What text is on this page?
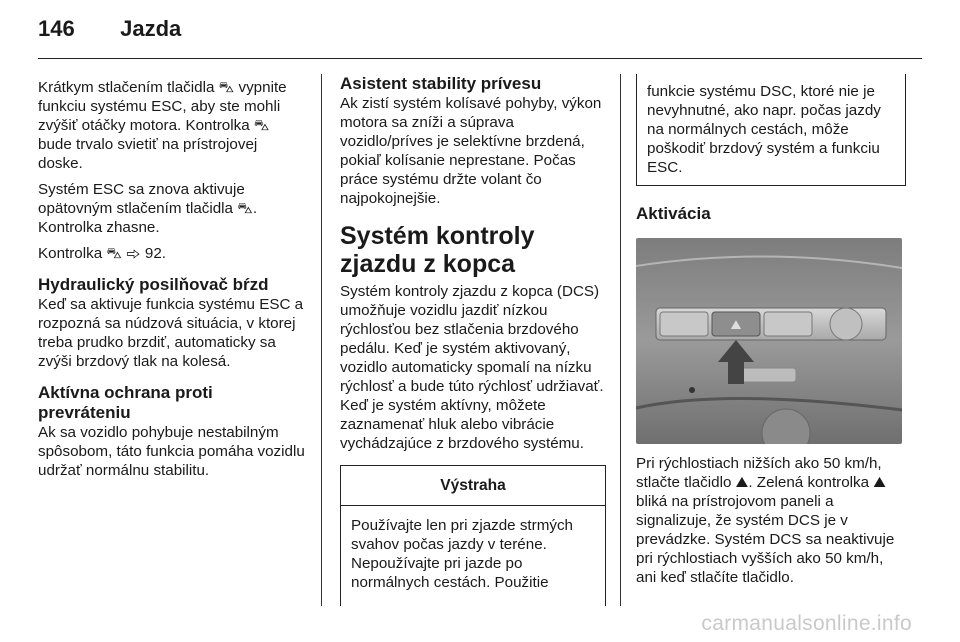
146 Jazda

Krátkym stlačením tlačidla ⛍ vypnite funkciu systému ESC, aby ste mohli zvýšiť otáčky motora. Kontrolka ⛍ bude trvalo svietiť na prístrojovej doske.

Systém ESC sa znova aktivuje opätovným stlačením tlačidla ⛍. Kontrolka zhasne.

Kontrolka ⛍ ⇨ 92.

Hydraulický posilňovač bŕzd

Keď sa aktivuje funkcia systému ESC a rozpozná sa núdzová situácia, v ktorej treba prudko brzdiť, automaticky sa zvýši brzdový tlak na kolesá.

Aktívna ochrana proti prevráteniu

Ak sa vozidlo pohybuje nestabilným spôsobom, táto funkcia pomáha vozidlu udržať normálnu stabilitu.

Asistent stability prívesu

Ak zistí systém kolísavé pohyby, výkon motora sa zníži a súprava vozidlo/príves je selektívne brzdená, pokiaľ kolísanie neprestane. Počas práce systému držte volant čo najpokojnejšie.

Systém kontroly zjazdu z kopca

Systém kontroly zjazdu z kopca (DCS) umožňuje vozidlu jazdiť nízkou rýchlosťou bez stlačenia brzdového pedálu. Keď je systém aktivovaný, vozidlo automaticky spomalí na nízku rýchlosť a bude túto rýchlosť udržiavať. Keď je systém aktívny, môžete zaznamenať hluk alebo vibrácie vychádzajúce z brzdového systému.

Výstraha
Používajte len pri zjazde strmých svahov počas jazdy v teréne. Nepoužívajte pri jazde po normálnych cestách. Použitie
funkcie systému DSC, ktoré nie je nevyhnutné, ako napr. počas jazdy na normálnych cestách, môže poškodiť brzdový systém a funkciu ESC.
Aktivácia
⛰

Pri rýchlostiach nižších ako 50 km/h, stlačte tlačidlo ⛰. Zelená kontrolka ⛰ bliká na prístrojovom paneli a signalizuje, že systém DCS je v prevádzke. Systém DCS sa neaktivuje pri rýchlostiach vyšších ako 50 km/h, ani keď stlačíte tlačidlo.

carmanualsonline.info
